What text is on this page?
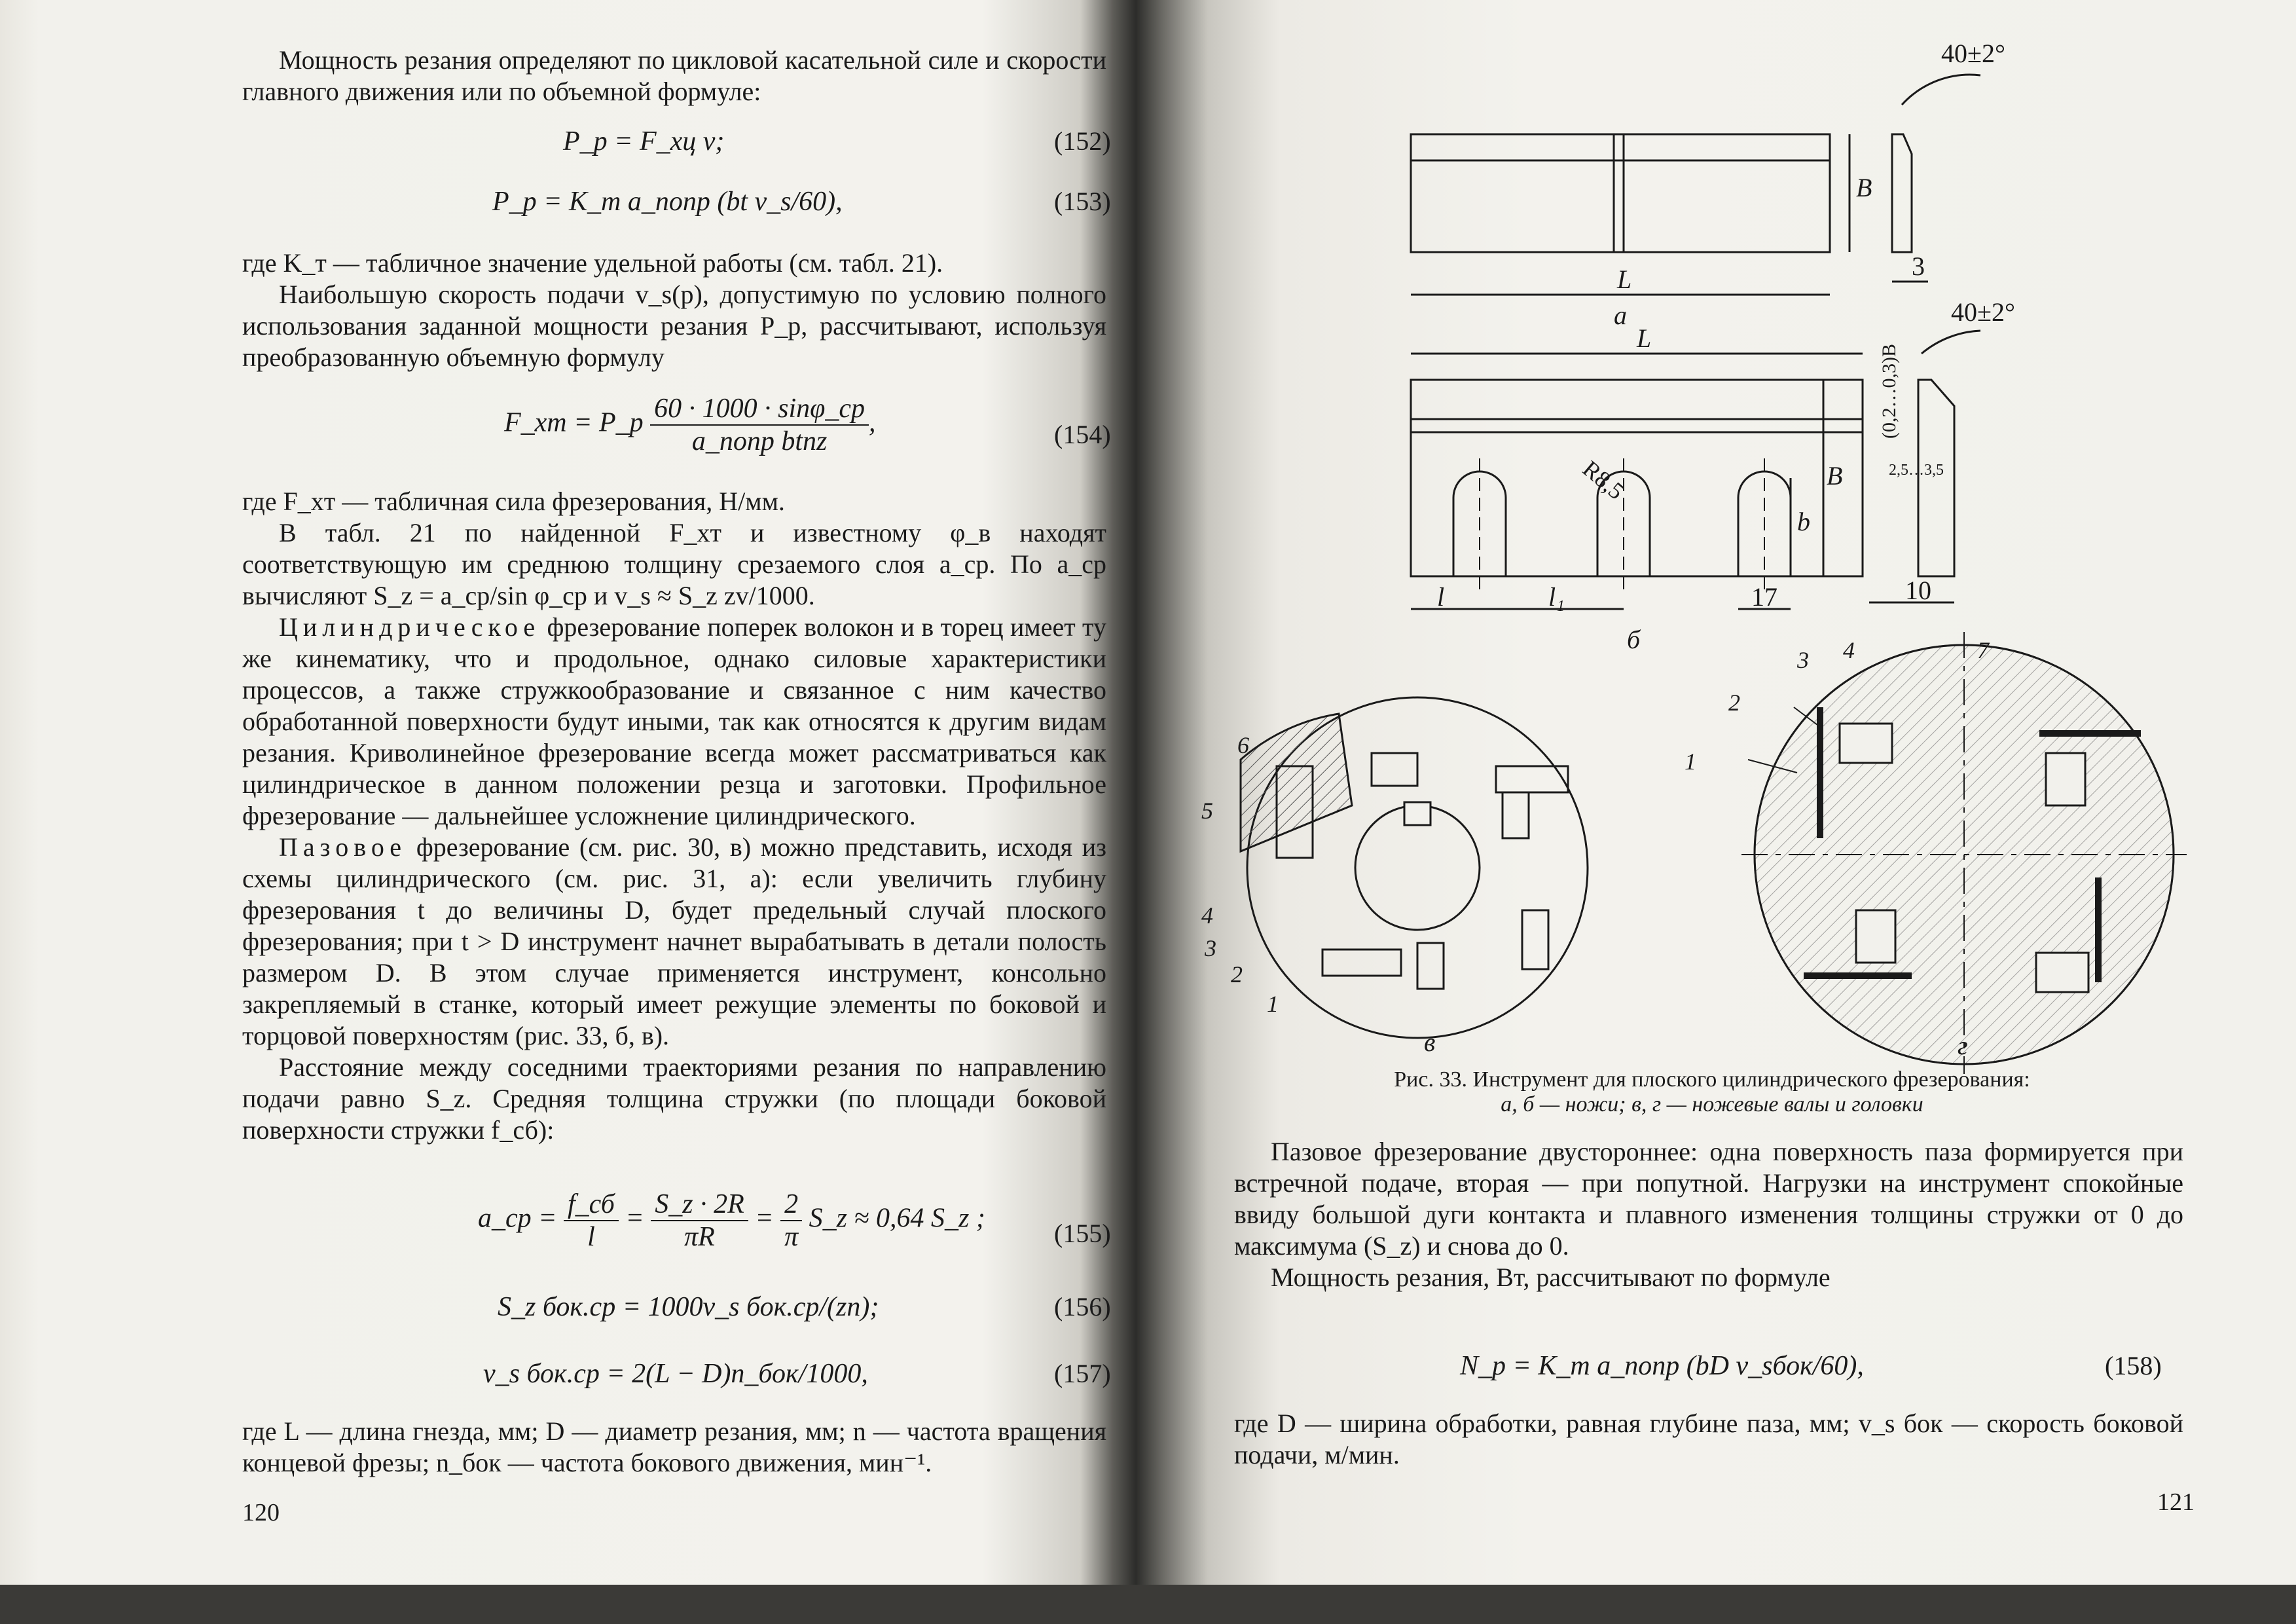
Мощность резания определяют по цикловой касательной силе и скорости главного движения или по объемной формуле:

P_р = F_xц v;	(152)
P_р = K_т a_попр (bt v_s/60),	(153)

где K_т — табличное значение удельной работы (см. табл. 21).

Наибольшую скорость подачи v_s(р), допустимую по условию полного использования заданной мощности резания P_р, рассчитывают, используя преобразованную объемную формулу

F_xт = P_р $\frac{60 \cdot 1000 \cdot \sin\varphi\_ср}{\text{a\_попр btnz}}$ ,	(154)

где F_xт — табличная сила фрезерования, Н/мм.

В табл. 21 по найденной F_xт и известному φ_в находят соответствующую им среднюю толщину срезаемого слоя a_ср. По a_ср вычисляют S_z = a_ср/sin φ_ср и v_s ≈ S_z zv/1000.

Цилиндрическое фрезерование поперек волокон и в торец имеет ту же кинематику, что и продольное, однако силовые характеристики процессов, а также стружкообразование и связанное с ним качество обработанной поверхности будут иными, так как относятся к другим видам резания. Криволинейное фрезерование всегда может рассматриваться как цилиндрическое в данном положении резца и заготовки. Профильное фрезерование — дальнейшее усложнение цилиндрического.

Пазовое фрезерование (см. рис. 30, в) можно представить, исходя из схемы цилиндрического (см. рис. 31, а): если увеличить глубину фрезерования t до величины D, будет предельный случай плоского фрезерования; при t > D инструмент начнет вырабатывать в детали полость размером D. В этом случае применяется инструмент, консольно закрепляемый в станке, который имеет режущие элементы по боковой и торцовой поверхностям (рис. 33, б, в).

Расстояние между соседними траекториями резания по направлению подачи равно S_z. Средняя толщина стружки (по площади боковой поверхности стружки f_сб):

a_ср = $\frac{f\_сб}{l} = \frac{S\_z \cdot 2R}{\pi R} = \frac{2}{\pi}$ S_z ≈ 0,64 S_z ;	(155)
S_z бок.ср = 1000v_s бок.ср/(zn);	(156)
v_s бок.ср = 2(L − D)n_бок/1000,	(157)

где L — длина гнезда, мм; D — диаметр резания, мм; n — частота вращения концевой фрезы; n_бок — частота бокового движения, мин⁻¹.

120
40±2°
B
L	3
а
L
40±2°
(0,2…0,3)B
B	2,5…3,5
R8,5
b
l	l₁	17	10
б
6
5
4
3
2
1
в
3 4	7
2
1
г
Рис. 33. Инструмент для плоского цилиндрического фрезерования:
а, б — ножи; в, г — ножевые валы и головки

Пазовое фрезерование двустороннее: одна поверхность паза формируется при встречной подаче, вторая — при попутной. Нагрузки на инструмент спокойные ввиду большой дуги контакта и плавного изменения толщины стружки от 0 до максимума (S_z) и снова до 0.

Мощность резания, Вт, рассчитывают по формуле

N_р = K_т a_попр (bD v_sбок/60),	(158)

где D — ширина обработки, равная глубине паза, мм; v_s бок — скорость боковой подачи, м/мин.

121
